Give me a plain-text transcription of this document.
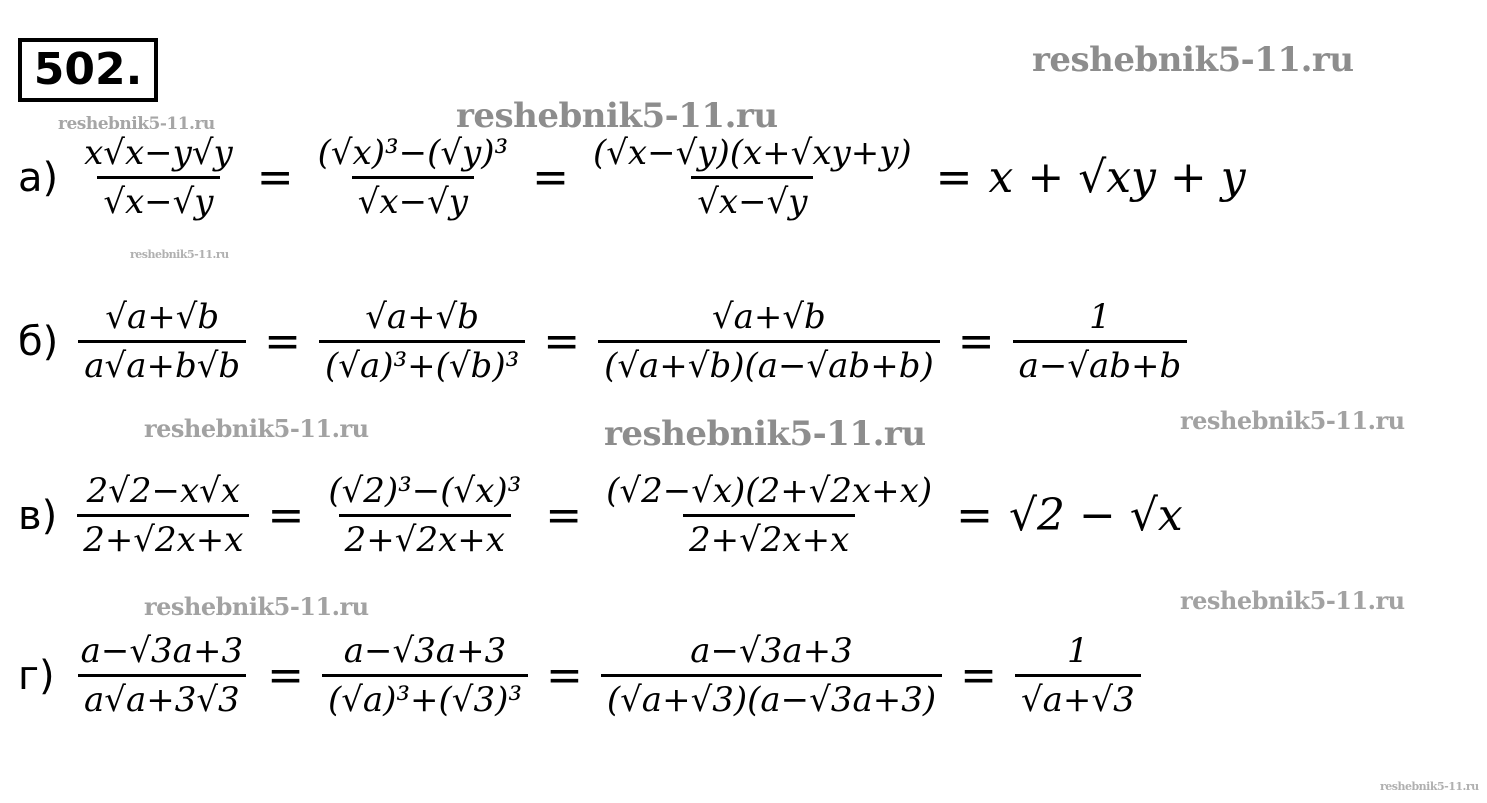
502.	reshebnik5-11.ru
reshebnik5-11.ru
reshebnik5-11.ru
reshebnik5-11.ru
reshebnik5-11.ru	reshebnik5-11.ru	reshebnik5-11.ru
reshebnik5-11.ru	reshebnik5-11.ru
$а) \frac{x√x-y√y}{√x-√y} = \frac{\text{(√x)³−(√y)³}}{√x-√y} = \frac{(√x-√y)(x+√xy+y)}{√x-√y} = x + √xy + y$
$б) \frac{√a+√b}{a√a+b√b} = \frac{√a+√b}{\text{(√a)³+(√b)³}} = \frac{√a+√b}{(√a+√b)(a-√ab+b)} = \frac{1}{a-√ab+b}$
$в) \frac{2√2-x√x}{2+√2x+x} = \frac{\text{(√2)³−(√x)³}}{2+√2x+x} = \frac{(√2-√x)(2+√2x+x)}{2+√2x+x} = √2 - √x$
$г) \frac{a-√3a+3}{a√a+3√3} = \frac{a-√3a+3}{\text{(√a)³+(√3)³}} = \frac{a-√3a+3}{(√a+√3)(a-√3a+3)} = \frac{1}{√a+√3}$
reshebnik5-11.ru
